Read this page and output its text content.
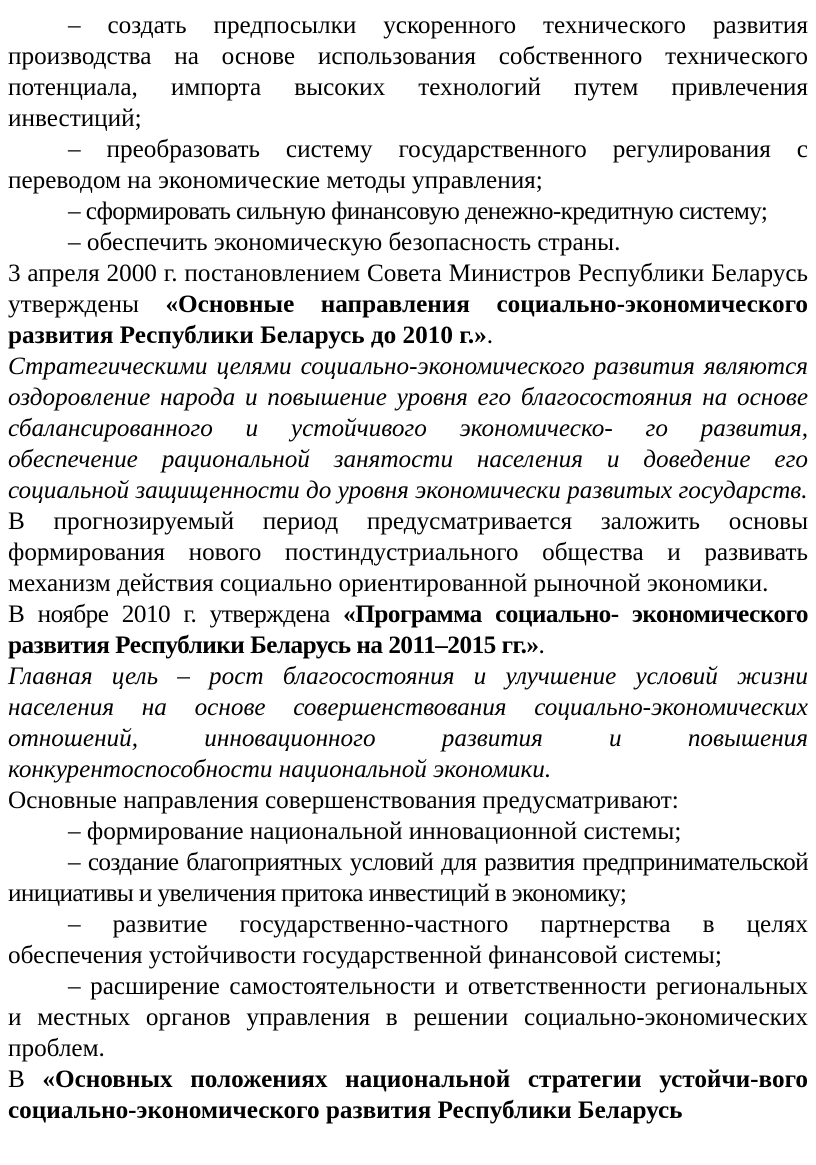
– создать предпосылки ускоренного технического развития производства на основе использования собственного технического потенциала, импорта высоких технологий путем привлечения инвестиций;

– преобразовать систему государственного регулирования с переводом на экономические методы управления;

– сформировать сильную финансовую денежно-кредитную систему;

– обеспечить экономическую безопасность страны.

3 апреля 2000 г. постановлением Совета Министров Республики Беларусь утверждены «Основные направления социально-экономического развития Республики Беларусь до 2010 г.».

Стратегическими целями социально-экономического развития являются оздоровление народа и повышение уровня его благосостояния на основе сбалансированного и устойчивого экономическо- го развития, обеспечение рациональной занятости населения и доведение его социальной защищенности до уровня экономически развитых государств.

В прогнозируемый период предусматривается заложить основы формирования нового постиндустриального общества и развивать механизм действия социально ориентированной рыночной экономики.

В ноябре 2010 г. утверждена «Программа социально- экономического развития Республики Беларусь на 2011–2015 гг.».

Главная цель – рост благосостояния и улучшение условий жизни населения на основе совершенствования социально-экономических отношений, инновационного развития и повышения конкурентоспособности национальной экономики.

Основные направления совершенствования предусматривают:

– формирование национальной инновационной системы;

– создание благоприятных условий для развития предпринимательской инициативы и увеличения притока инвестиций в экономику;

– развитие государственно-частного партнерства в целях обеспечения устойчивости государственной финансовой системы;

– расширение самостоятельности и ответственности региональных и местных органов управления в решении социально-экономических проблем.

В «Основных положениях национальной стратегии устойчи-вого социально-экономического развития Республики Беларусь
